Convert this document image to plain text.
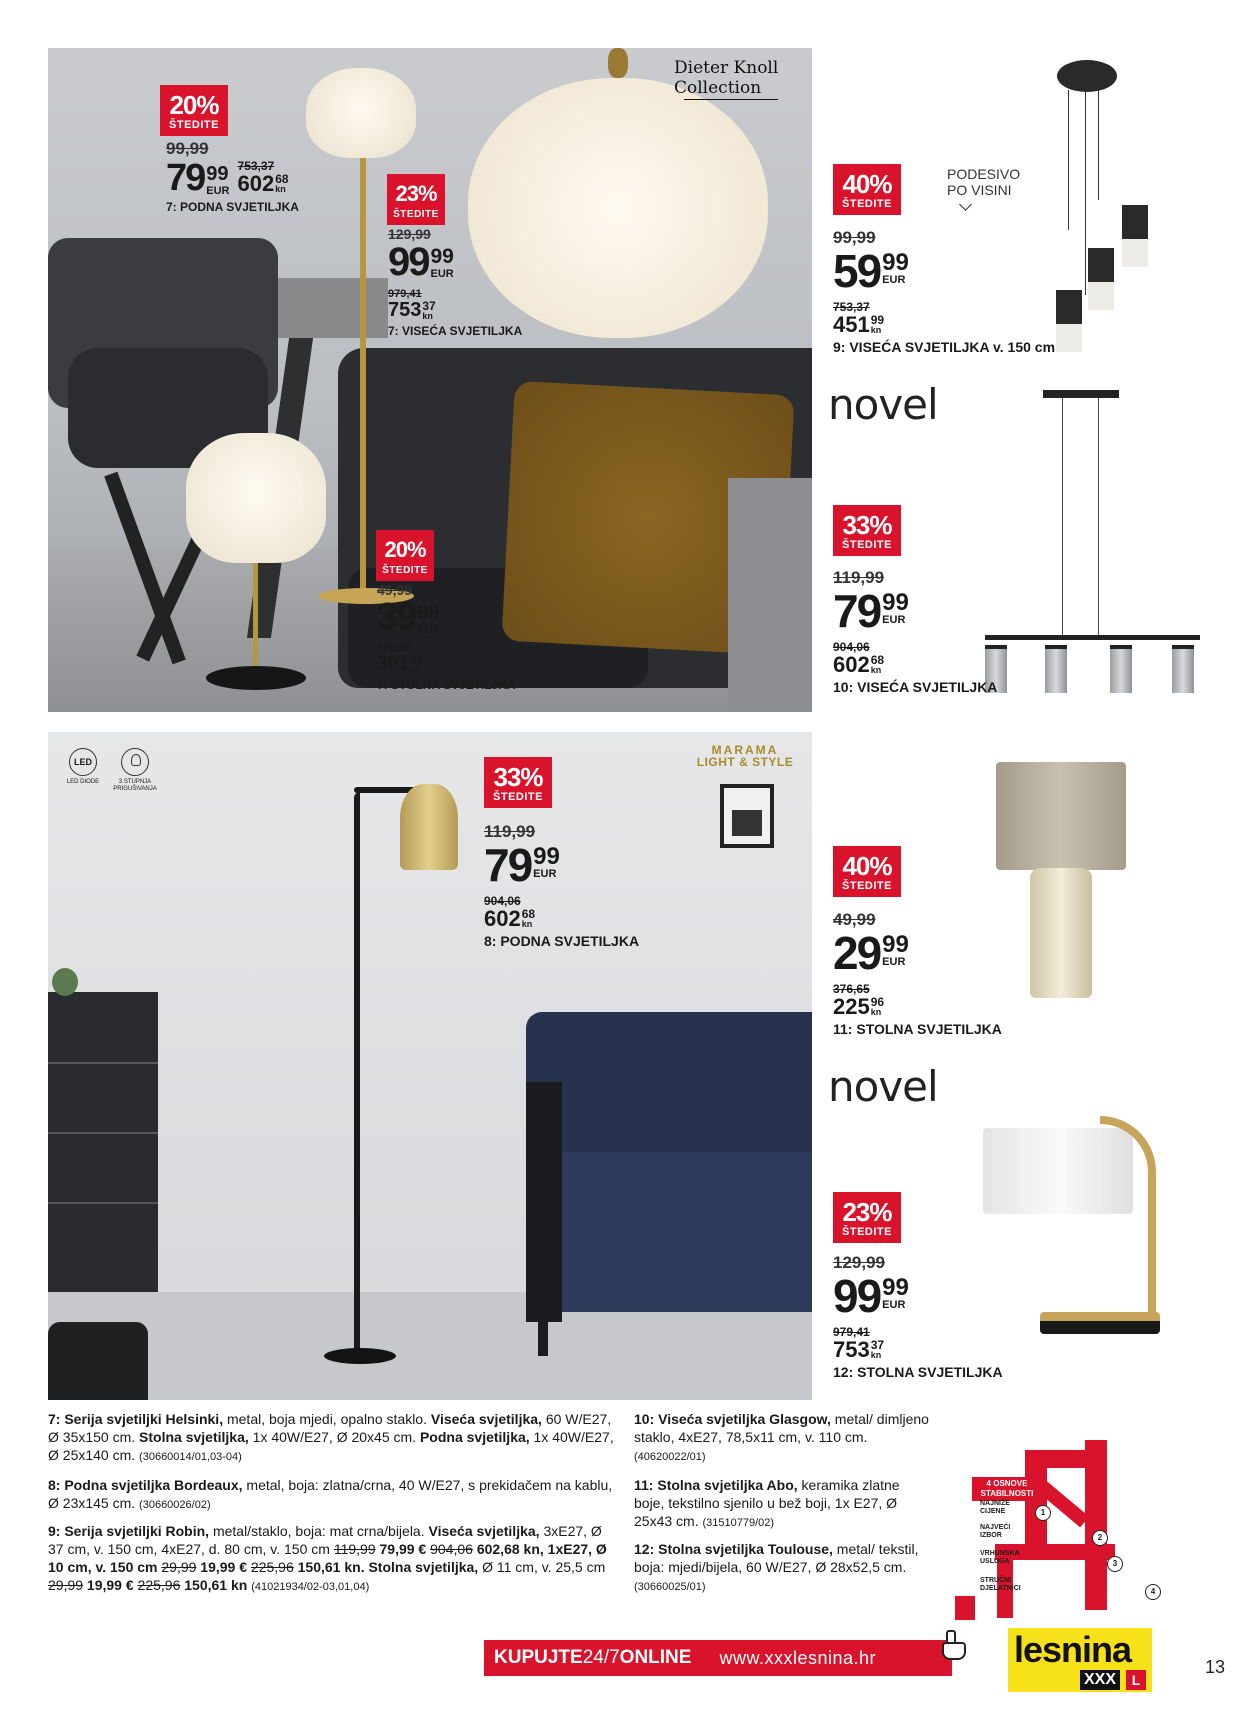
Dieter Knoll Collection
20%
ŠTEDITE
99,99
79 99
EUR
753,37
602 68
kn
7: PODNA SVJETILJKA
23%
ŠTEDITE
129,99
99 99
EUR
979,41
753 37
kn
7: VISEĆA SVJETILJKA
20%
ŠTEDITE
49,99
39 99
EUR
376,65
301 30
kn
7: STOLNA SVJETILJKA
PODESIVO
PO VISINI
40%
ŠTEDITE
99,99
59 99
EUR
753,37
451 99
kn
9: VISEĆA SVJETILJKA v. 150 cm
novel
33%
ŠTEDITE
119,99
79 99
EUR
904,06
602 68
kn
10: VISEĆA SVJETILJKA
LED
LED DIODE	3 STUPNJA PRIGUŠIVANJA
MARAMA
LIGHT & STYLE
33%
ŠTEDITE
119,99
79 99
EUR
904,06
602 68
kn
8: PODNA SVJETILJKA
40%
ŠTEDITE
49,99
29 99
EUR
376,65
225 96
kn
11: STOLNA SVJETILJKA
novel
23%
ŠTEDITE
129,99
99 99
EUR
979,41
753 37
kn
12: STOLNA SVJETILJKA
7: Serija svjetiljki Helsinki, metal, boja mjedi, opalno staklo. Viseća svjetiljka, 60 W/E27, Ø 35x150 cm. Stolna svjetiljka, 1x 40W/E27, Ø 20x45 cm. Podna svjetiljka, 1x 40W/E27, Ø 25x140 cm. (30660014/01,03-04)
8: Podna svjetiljka Bordeaux, metal, boja: zlatna/crna, 40 W/E27, s prekidačem na kablu, Ø 23x145 cm. (30660026/02)
9: Serija svjetiljki Robin, metal/staklo, boja: mat crna/bijela. Viseća svjetiljka, 3xE27, Ø 37 cm, v. 150 cm, 4xE27, d. 80 cm, v. 150 cm 119,99 79,99 € 904,06 602,68 kn, 1xE27, Ø 10 cm, v. 150 cm 29,99 19,99 € 225,96 150,61 kn. Stolna svjetiljka, Ø 11 cm, v. 25,5 cm 29,99 19,99 € 225,96 150,61 kn (41021934/02-03,01,04)
10: Viseća svjetiljka Glasgow, metal/ dimljeno staklo, 4xE27, 78,5x11 cm, v. 110 cm. (40620022/01)
11: Stolna svjetiljka Abo, keramika zlatne boje, tekstilno sjenilo u bež boji, 1x E27, Ø 25x43 cm. (31510779/02)
12: Stolna svjetiljka Toulouse, metal/ tekstil, boja: mjedi/bijela, 60 W/E27, Ø 28x52,5 cm. (30660025/01)
4 OSNOVE
STABILNOSTI
NAJNIŽE
CIJENE	1
NAJVEĆI
IZBOR	2
VRHUNSKA
USLUGA	3
STRUČNI
DJELATNICI	4
KUPUJTE 24/7 ONLINE www.xxxlesnina.hr	lesnina
XXX	L
13
